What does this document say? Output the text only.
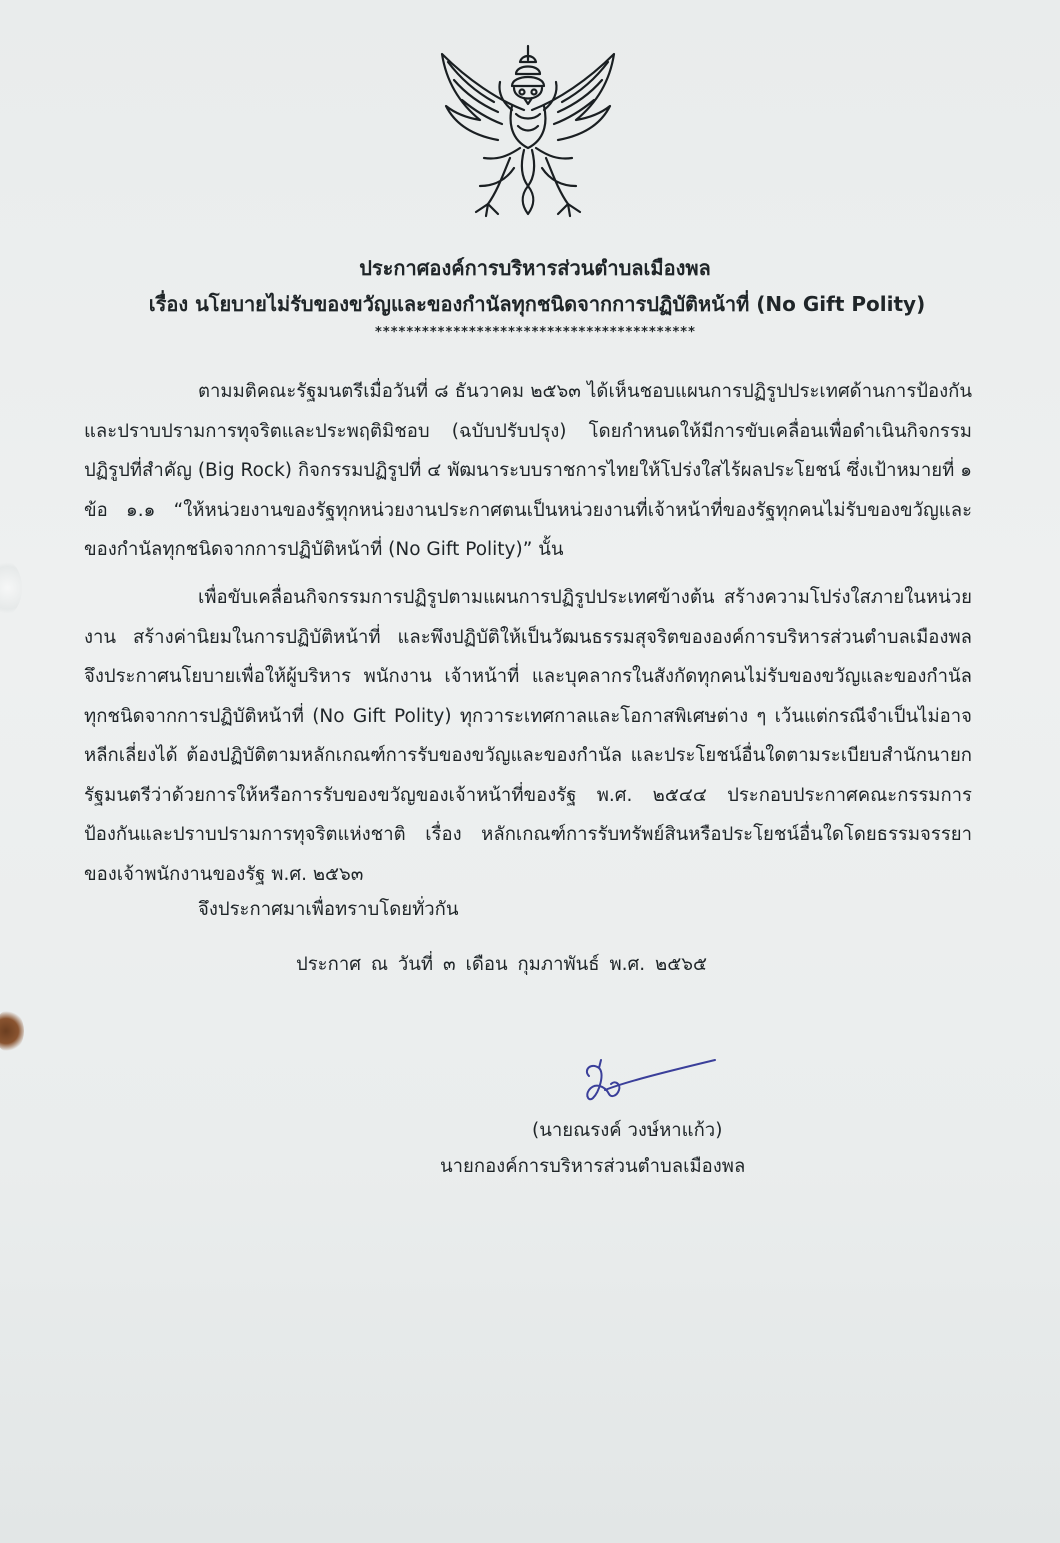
ประกาศองค์การบริหารส่วนตำบลเมืองพล
เรื่อง นโยบายไม่รับของขวัญและของกำนัลทุกชนิดจากการปฏิบัติหน้าที่ (No Gift Polity)
*****************************************
ตามมติคณะรัฐมนตรีเมื่อวันที่ ๘ ธันวาคม ๒๕๖๓ ได้เห็นชอบแผนการปฏิรูปประเทศด้านการป้องกันและปราบปรามการทุจริตและประพฤติมิชอบ (ฉบับปรับปรุง) โดยกำหนดให้มีการขับเคลื่อนเพื่อดำเนินกิจกรรมปฏิรูปที่สำคัญ (Big Rock) กิจกรรมปฏิรูปที่ ๔ พัฒนาระบบราชการไทยให้โปร่งใสไร้ผลประโยชน์ ซึ่งเป้าหมายที่ ๑ ข้อ ๑.๑ “ให้หน่วยงานของรัฐทุกหน่วยงานประกาศตนเป็นหน่วยงานที่เจ้าหน้าที่ของรัฐทุกคนไม่รับของขวัญและของกำนัลทุกชนิดจากการปฏิบัติหน้าที่ (No Gift Polity)” นั้น
เพื่อขับเคลื่อนกิจกรรมการปฏิรูปตามแผนการปฏิรูปประเทศข้างต้น สร้างความโปร่งใสภายในหน่วยงาน สร้างค่านิยมในการปฏิบัติหน้าที่ และพึงปฏิบัติให้เป็นวัฒนธรรมสุจริตขององค์การบริหารส่วนตำบลเมืองพล จึงประกาศนโยบายเพื่อให้ผู้บริหาร พนักงาน เจ้าหน้าที่ และบุคลากรในสังกัดทุกคนไม่รับของขวัญและของกำนัลทุกชนิดจากการปฏิบัติหน้าที่ (No Gift Polity) ทุกวาระเทศกาลและโอกาสพิเศษต่าง ๆ เว้นแต่กรณีจำเป็นไม่อาจหลีกเลี่ยงได้ ต้องปฏิบัติตามหลักเกณฑ์การรับของขวัญและของกำนัล และประโยชน์อื่นใดตามระเบียบสำนักนายกรัฐมนตรีว่าด้วยการให้หรือการรับของขวัญของเจ้าหน้าที่ของรัฐ พ.ศ. ๒๕๔๔ ประกอบประกาศคณะกรรมการป้องกันและปราบปรามการทุจริตแห่งชาติ เรื่อง หลักเกณฑ์การรับทรัพย์สินหรือประโยชน์อื่นใดโดยธรรมจรรยาของเจ้าพนักงานของรัฐ พ.ศ. ๒๕๖๓
จึงประกาศมาเพื่อทราบโดยทั่วกัน
ประกาศ ณ วันที่ ๓ เดือน กุมภาพันธ์ พ.ศ. ๒๕๖๕
(นายณรงค์ วงษ์หาแก้ว)
นายกองค์การบริหารส่วนตำบลเมืองพล
